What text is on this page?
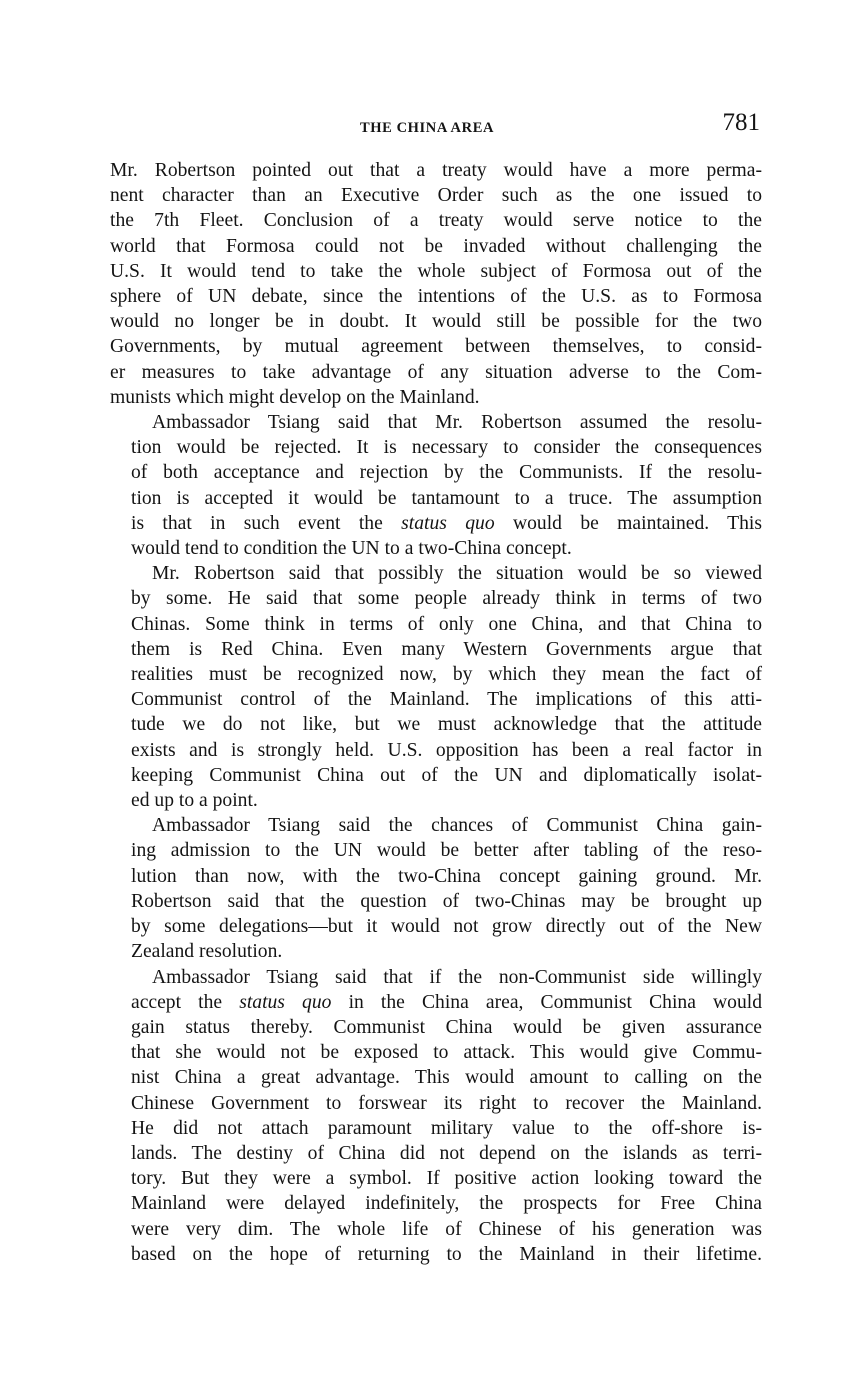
THE CHINA AREA	781

Mr. Robertson pointed out that a treaty would have a more perma-
nent character than an Executive Order such as the one issued to
the 7th Fleet. Conclusion of a treaty would serve notice to the
world that Formosa could not be invaded without challenging the
U.S. It would tend to take the whole subject of Formosa out of the
sphere of UN debate, since the intentions of the U.S. as to Formosa
would no longer be in doubt. It would still be possible for the two
Governments, by mutual agreement between themselves, to consid-
er measures to take advantage of any situation adverse to the Com-
munists which might develop on the Mainland.

Ambassador Tsiang said that Mr. Robertson assumed the resolu-
tion would be rejected. It is necessary to consider the consequences
of both acceptance and rejection by the Communists. If the resolu-
tion is accepted it would be tantamount to a truce. The assumption
is that in such event the status quo would be maintained. This
would tend to condition the UN to a two-China concept.

Mr. Robertson said that possibly the situation would be so viewed
by some. He said that some people already think in terms of two
Chinas. Some think in terms of only one China, and that China to
them is Red China. Even many Western Governments argue that
realities must be recognized now, by which they mean the fact of
Communist control of the Mainland. The implications of this atti-
tude we do not like, but we must acknowledge that the attitude
exists and is strongly held. U.S. opposition has been a real factor in
keeping Communist China out of the UN and diplomatically isolat-
ed up to a point.

Ambassador Tsiang said the chances of Communist China gain-
ing admission to the UN would be better after tabling of the reso-
lution than now, with the two-China concept gaining ground. Mr.
Robertson said that the question of two-Chinas may be brought up
by some delegations—but it would not grow directly out of the New
Zealand resolution.

Ambassador Tsiang said that if the non-Communist side willingly
accept the status quo in the China area, Communist China would
gain status thereby. Communist China would be given assurance
that she would not be exposed to attack. This would give Commu-
nist China a great advantage. This would amount to calling on the
Chinese Government to forswear its right to recover the Mainland.
He did not attach paramount military value to the off-shore is-
lands. The destiny of China did not depend on the islands as terri-
tory. But they were a symbol. If positive action looking toward the
Mainland were delayed indefinitely, the prospects for Free China
were very dim. The whole life of Chinese of his generation was
based on the hope of returning to the Mainland in their lifetime.
